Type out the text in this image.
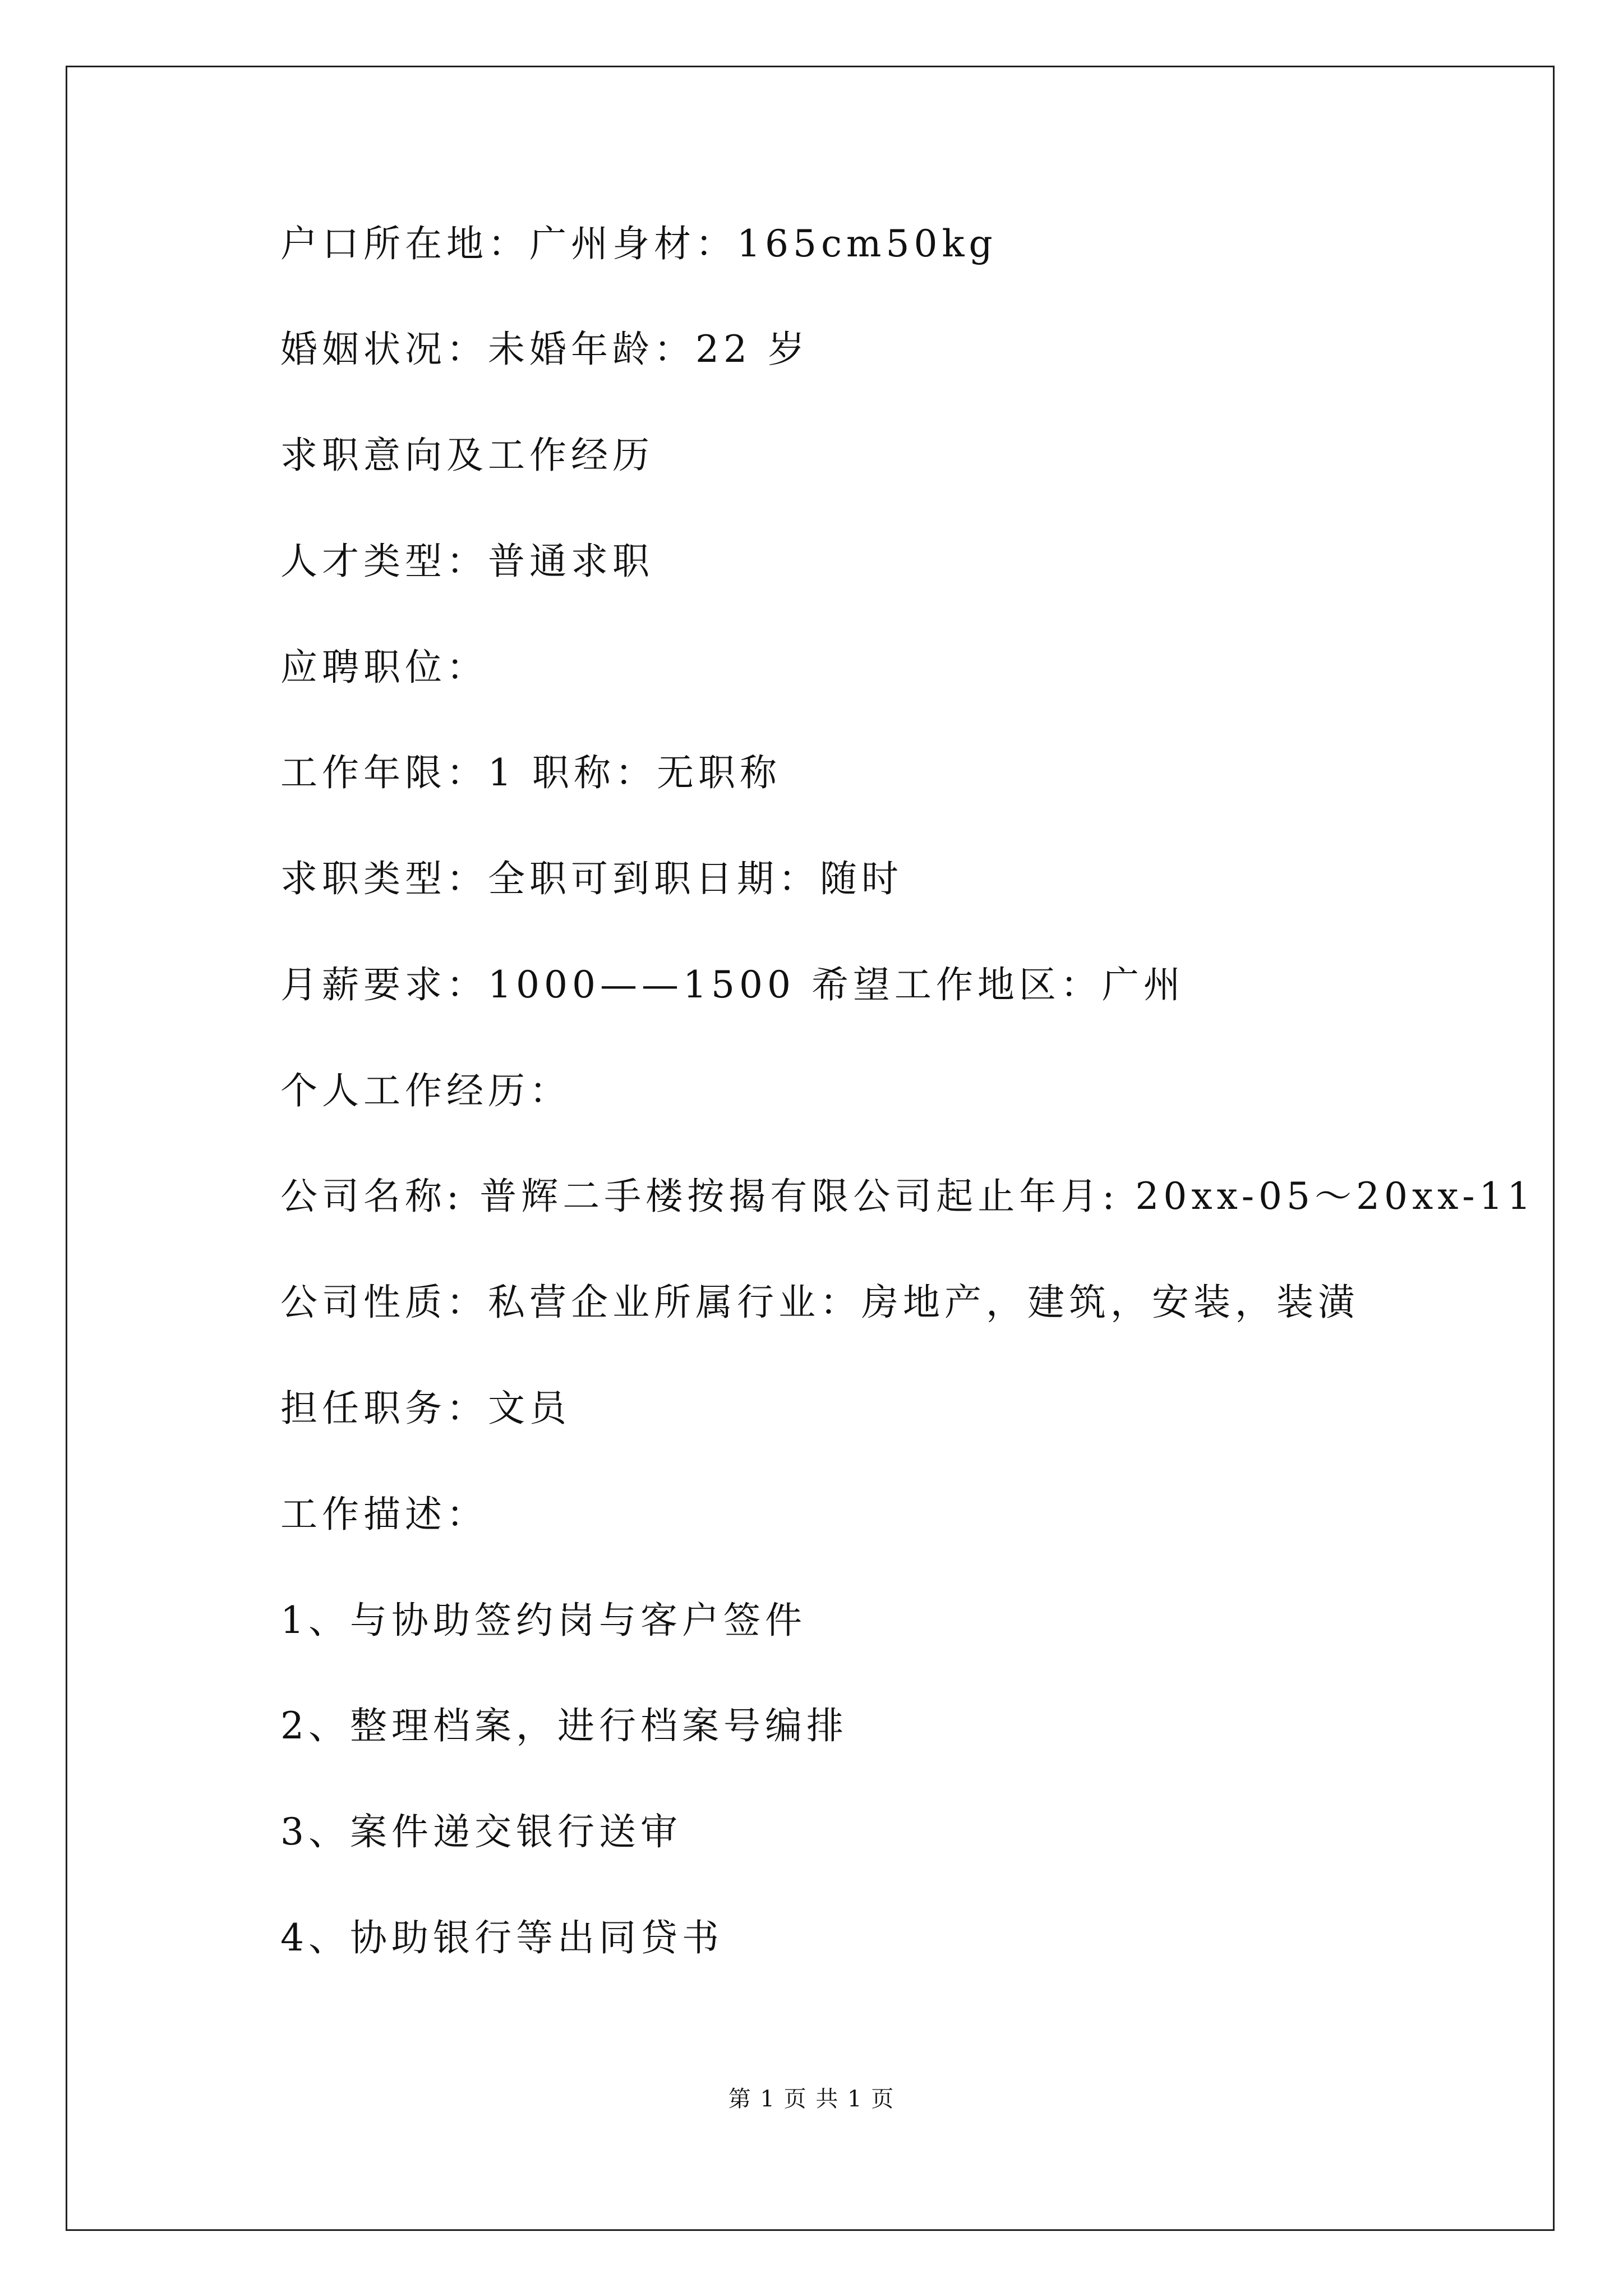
户口所在地：广州身材：165cm50kg
婚姻状况：未婚年龄：22 岁
求职意向及工作经历
人才类型：普通求职
应聘职位：
工作年限：1 职称：无职称
求职类型：全职可到职日期：随时
月薪要求：1000——1500 希望工作地区：广州
个人工作经历：
公司名称: 普辉二手楼按揭有限公司起止年月: 20xx-05～20xx-11
公司性质：私营企业所属行业：房地产，建筑，安装，装潢
担任职务：文员
工作描述：
1、与协助签约岗与客户签件
2、整理档案，进行档案号编排
3、案件递交银行送审
4、协助银行等出同贷书
第 1 页 共 1 页
